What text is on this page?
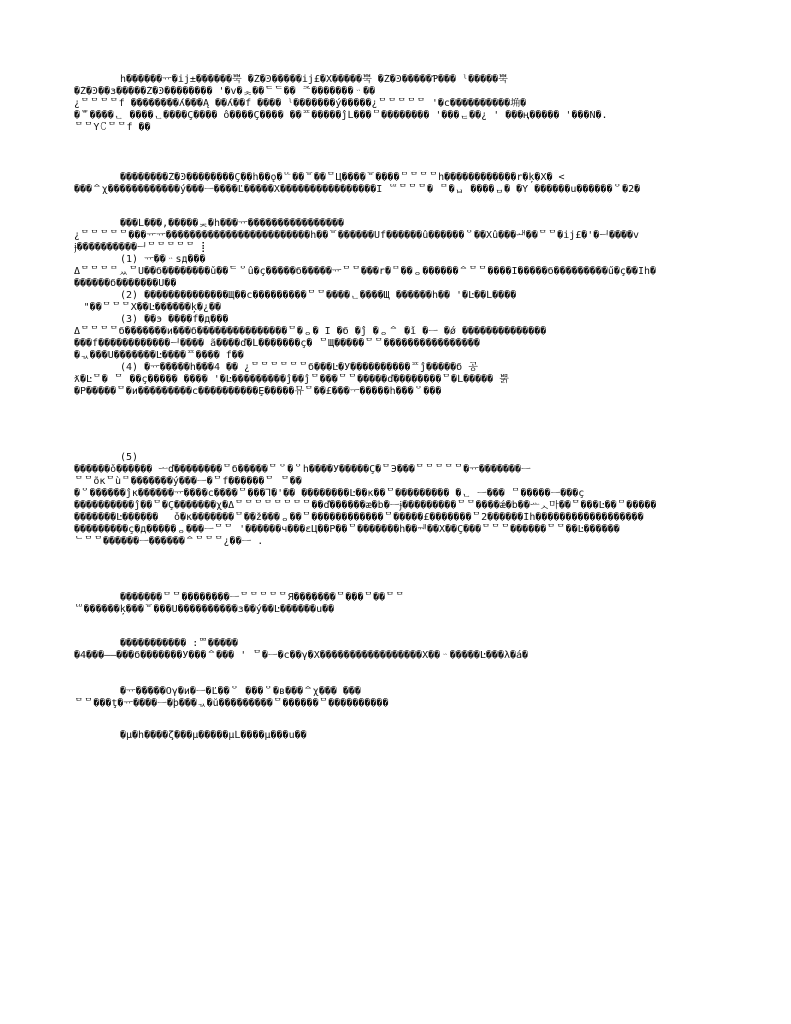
h������ᅲ�ij±������뿍 �Ž�Ͽ�����ij£�Χ�����뿍 �Ž�Ͽ�����Ƥ��� ˡ�����뿍
�Ž�Ͽ��з�����Ž�Ͽ�������� '�v�ᆾ��ᄃᄃ�� ᄎ�������ᆢ��
¿ᄆᄆᄆᄆf ��������ʎ���Ą ��ʎ��f ���� ˡ�������ý�����¿ᄆᄆᄆᄆᄆ '�ϲ����������埆�
�ᄬ����ᆫ ����ᆫ����Ç���� ô����Ç���� ��ᄑ�����ĵĹ���ᄇ�������� '���ᆮ��¿ ' ���ң����� '���Ń�.
ᄆᄆŸ꒝ᄆᄆf ��
��������Ž�Ͽ��������Ç��h��ǫ�ᄕ��ᄒ��ᄆЦ����ᄒ����ᄇᄆᄆᄆh������������r�ķ�Χ� <
���ᅀχ������������ý���ᅳ����Ľ�����Χ����������������İ ᄃᄆᄆᄆᄆ� ᄇ�ᆸ ����ᆷ� �Ÿ ������u������ᄋ�2�
���Ĺ���,�����ᆽ�h���ᅲ����������������
¿ᄆᄆᄆᄆᄆ���ᅲᅲ������������������������h��ᄒ������Ũf������û������ᄋ��Χû���ᅫ��ᄆᄆ�ij£�'�ᅴ����v
ɉ����������ᅴᄆᄆᄆᄆᄆ ⡇
(1) ᅲ��ᆢsд���
ΔᄆᄆᄆᄇᆻᄆǓ��б��������ǔ��ᄃᄋû�ç�����б�����ᅲᄆᄆ���r�ᄇ��ᆼ������ᅀᄆᄆ����İ�����б���������ű�ç��Ïh�
������б�������U��
(2) ��������������Щ��c���������ᄆᄆ����ᆫ����Щ ������h�� '�Ŀ��Ĺ����
ᅟ"��ᄆᄆᄆΧ��Ŀ������ķ�¿��
(3) ��э ����f�д���
Δᄆᄆᄆᄆб�������и���б���������������ᄆ�ᆼ� Ϊ �б �ĵ �ᆼᅀ �ǐ �ᅳ �ǿ ��������������
���f������������ᅴ���� ã����ď�Ĺ�������ç� ᄆЩ�����ᄆᄆ����������������
�ᆪ���U�������Ŀ����ᄑ���� f��
(4) �ᅲ�����h���4 �� ¿ᄆᄆᄆᄆᄆᄆб���Ŀ�У����������ᄑĵ�����б 공
ƛ�Ŀᄆ� ᄆ ��ç����� ���� '�Ŀ���������ĵ��ĵᄆ���ᄆᄆ�����ď��������ᄆ�Ĺ����� 뿕
�Ρ�����ᄆ�и���������ϲ����������Ȩ�����뮤ᄆ��£���ᅮ�����h���ᄋ���
(5)
������ǒ������ ᅩď��������ᄆб�����ᄆᄋ�ᄋh����У�����Ç�ᄆЭ���ᄆᄆᄆᄆᄆ�ᅲ�������ᅳ
ᄆᄆõкᄆùᄇ�������ý���ᅳ�ᄆf������ᄆ ᄆ��
�ᄋ������ĵκ������ᅲ����ϲ����ᄆ���Ꞁ�'�� ��������Ŀ��κ��ᄆ��������� �ᆫ ᅳ��� ᄇ�����ᅳ���ç
����������ĵ��ᄆ�Ç�������χ�Δᄆᄆᄆᄆᄆᄆᄆᄆ��ď������æ�b�ᅳɉ���������ᄆᄆ����ǽ�b��ᅭᆺ마��ᄆ���Ŀ��ᄇ�����
�������Ŀ������ ᅟǒ�к�������ᄆ��ž���ᆼ��ᄆ������������ᄆ�����£�������ᄆ2������Ǐh������������������
���������ç�д�����ᆼ���ᅳᄆᄆ '������ч���εЦ��Ρ��ᄆ�������h��ᅰ��Χ��Ç���ᄆᄆᄆ������ᄆᄆ��Ŀ������
ᄂᄆᄆ������ᅳ������ᅀᄆᄆᄆ¿��ᅳ .
�������ᄆᄆ��������ᅳᄆᄆᄆᄆᄆЯ�������ᄆ���ᄆ��ᄆᄆ
ᄃᄆ������ķ���ᄒ���U����������з��ý��Ŀ������u��
����������� :ᄈ�����
�4���—–���б�������У���ᅀ��� ' ᄆ�ᅳ�ϲ��γ�Χ�����������������Χ��ᆢ�����Ŀ���λ�á�
�ᅲ�����Оγ�и�ᅳ�Ľ��ᄋ ���ᄋ�в���ᅀχ��� ���
ᄆᄆ���ţ�ᅲ����ᅳ�þ���ᆪ�ŭ���������ᄆ������ᄆ����������
�µ�h����ζ���µ�����µĹ����µ���u��
